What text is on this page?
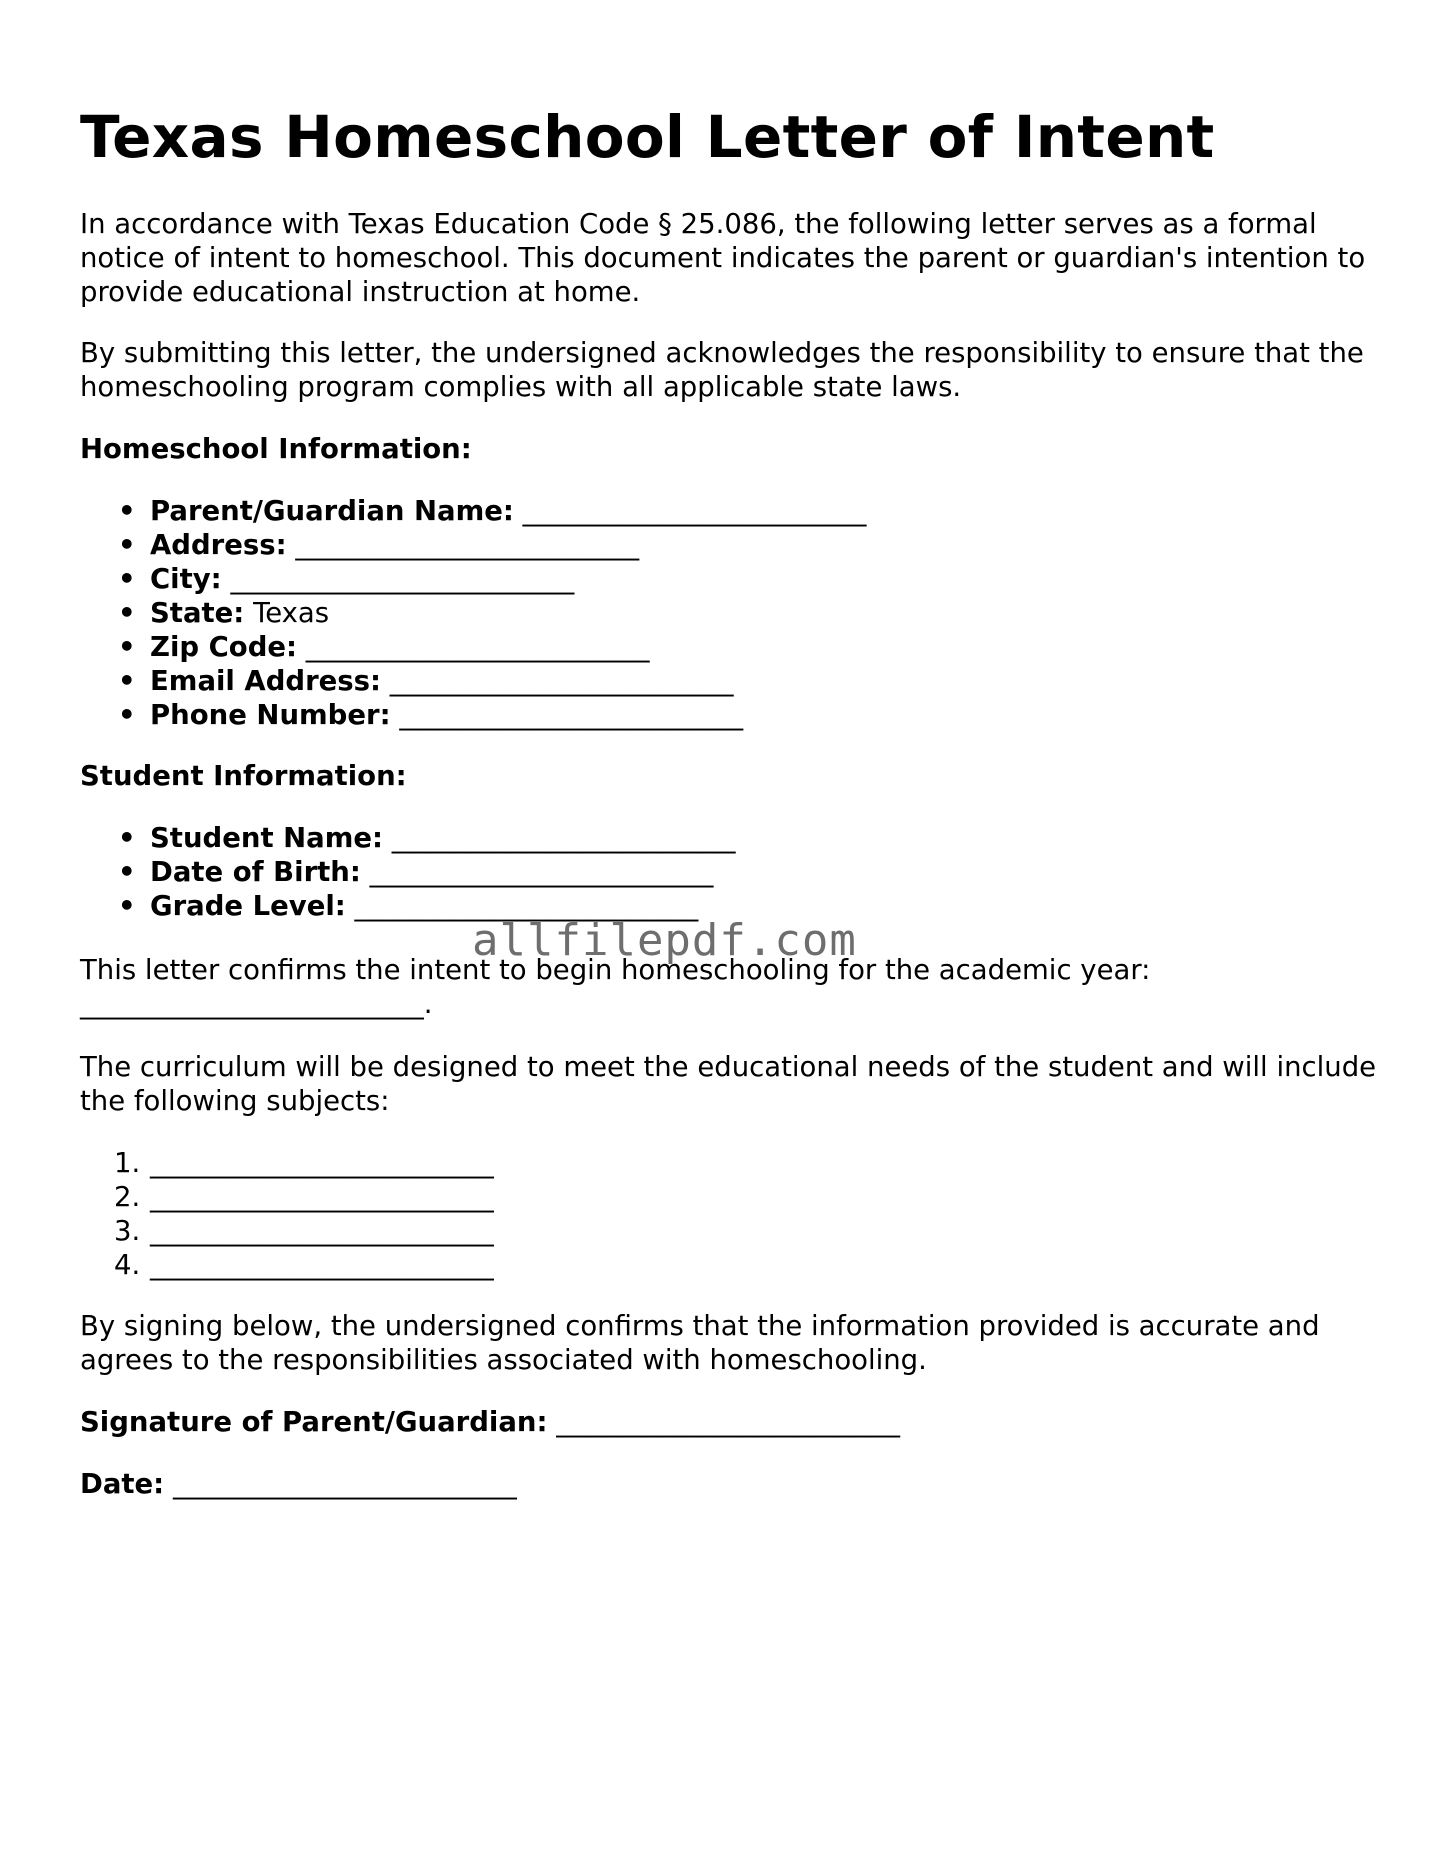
Texas Homeschool Letter of Intent

In accordance with Texas Education Code § 25.086, the following letter serves as a formal notice of intent to homeschool. This document indicates the parent or guardian's intention to provide educational instruction at home.

By submitting this letter, the undersigned acknowledges the responsibility to ensure that the homeschooling program complies with all applicable state laws.

Homeschool Information:

• Parent/Guardian Name: _________________________
• Address: _________________________
• City: _________________________
• State: Texas
• Zip Code: _________________________
• Email Address: _________________________
• Phone Number: _________________________

Student Information:

• Student Name: _________________________
• Date of Birth: _________________________
• Grade Level: _________________________

This letter confirms the intent to begin homeschooling for the academic year:
_________________________.

The curriculum will be designed to meet the educational needs of the student and will include the following subjects:

1. _________________________
2. _________________________
3. _________________________
4. _________________________

By signing below, the undersigned confirms that the information provided is accurate and agrees to the responsibilities associated with homeschooling.

Signature of Parent/Guardian: _________________________

Date: _________________________

allfilepdf.com
